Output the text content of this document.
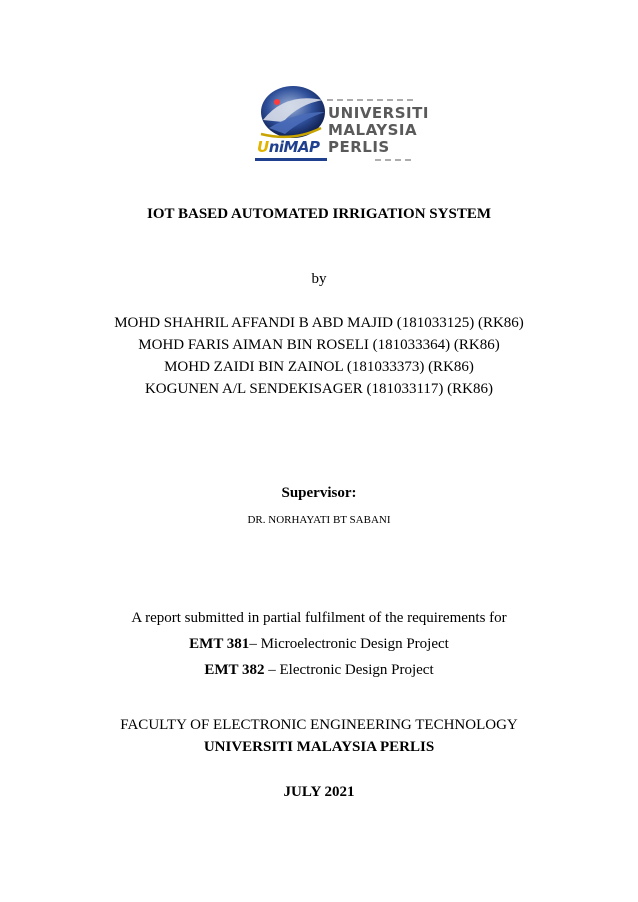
UNIVERSITI
MALAYSIA
PERLIS
UniMAP
IOT BASED AUTOMATED IRRIGATION SYSTEM
by
MOHD SHAHRIL AFFANDI B ABD MAJID (181033125) (RK86)
MOHD FARIS AIMAN BIN ROSELI (181033364) (RK86)
MOHD ZAIDI BIN ZAINOL (181033373) (RK86)
KOGUNEN A/L SENDEKISAGER (181033117) (RK86)
Supervisor:
DR. NORHAYATI BT SABANI
A report submitted in partial fulfilment of the requirements for
EMT 381– Microelectronic Design Project
EMT 382 – Electronic Design Project
FACULTY OF ELECTRONIC ENGINEERING TECHNOLOGY
UNIVERSITI MALAYSIA PERLIS
JULY 2021
